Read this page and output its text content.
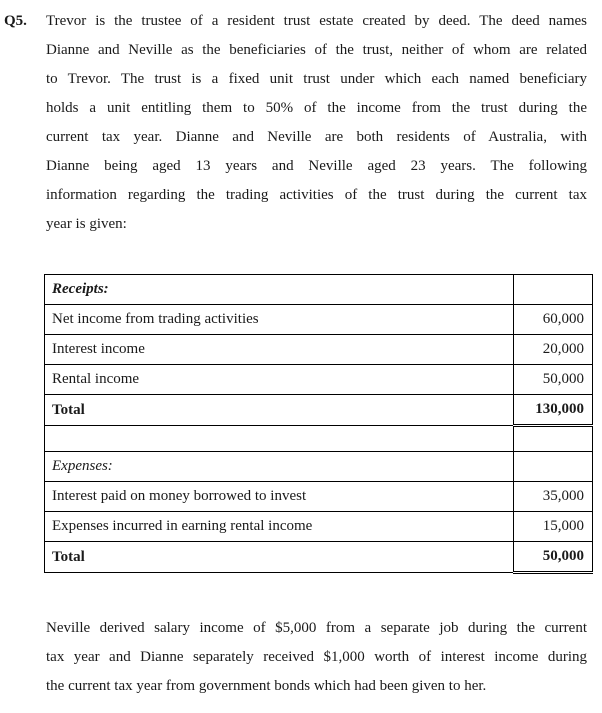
Q5. Trevor is the trustee of a resident trust estate created by deed. The deed names
Dianne and Neville as the beneficiaries of the trust, neither of whom are related
to Trevor. The trust is a fixed unit trust under which each named beneficiary
holds a unit entitling them to 50% of the income from the trust during the
current tax year. Dianne and Neville are both residents of Australia, with
Dianne being aged 13 years and Neville aged 23 years. The following
information regarding the trading activities of the trust during the current tax
year is given:
Receipts:	
Net income from trading activities	60,000
Interest income	20,000
Rental income	50,000
Total	130,000

Expenses:	
Interest paid on money borrowed to invest	35,000
Expenses incurred in earning rental income	15,000
Total	50,000
Neville derived salary income of $5,000 from a separate job during the current
tax year and Dianne separately received $1,000 worth of interest income during
the current tax year from government bonds which had been given to her.
